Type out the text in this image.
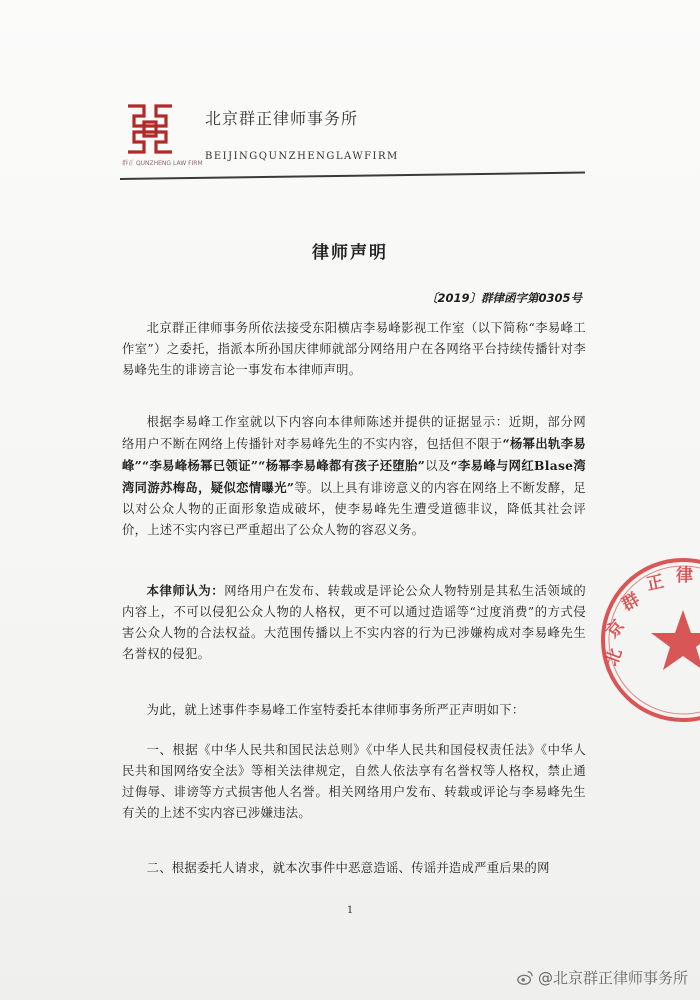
群正 QUNZHENG LAW FIRM
北京群正律师事务所
BEIJINGQUNZHENGLAWFIRM
律师声明
〔2019〕群律函字第0305号

北京群正律师事务所依法接受东阳横店李易峰影视工作室（以下简称“李易峰工作室”）之委托，指派本所孙国庆律师就部分网络用户在各网络平台持续传播针对李易峰先生的诽谤言论一事发布本律师声明。

根据李易峰工作室就以下内容向本律师陈述并提供的证据显示：近期，部分网络用户不断在网络上传播针对李易峰先生的不实内容，包括但不限于“杨幂出轨李易峰”“李易峰杨幂已领证”“杨幂李易峰都有孩子还堕胎”以及“李易峰与网红Blase湾湾同游苏梅岛，疑似恋情曝光”等。以上具有诽谤意义的内容在网络上不断发酵，足以对公众人物的正面形象造成破坏，使李易峰先生遭受道德非议，降低其社会评价，上述不实内容已严重超出了公众人物的容忍义务。

本律师认为：网络用户在发布、转载或是评论公众人物特别是其私生活领域的内容上，不可以侵犯公众人物的人格权，更不可以通过造谣等“过度消费”的方式侵害公众人物的合法权益。大范围传播以上不实内容的行为已涉嫌构成对李易峰先生名誉权的侵犯。

为此，就上述事件李易峰工作室特委托本律师事务所严正声明如下：

一、根据《中华人民共和国民法总则》《中华人民共和国侵权责任法》《中华人民共和国网络安全法》等相关法律规定，自然人依法享有名誉权等人格权，禁止通过侮辱、诽谤等方式损害他人名誉。相关网络用户发布、转载或评论与李易峰先生有关的上述不实内容已涉嫌违法。

二、根据委托人请求，就本次事件中恶意造谣、传谣并造成严重后果的网

1
北
京
群
正 律
@北京群正律师事务所
